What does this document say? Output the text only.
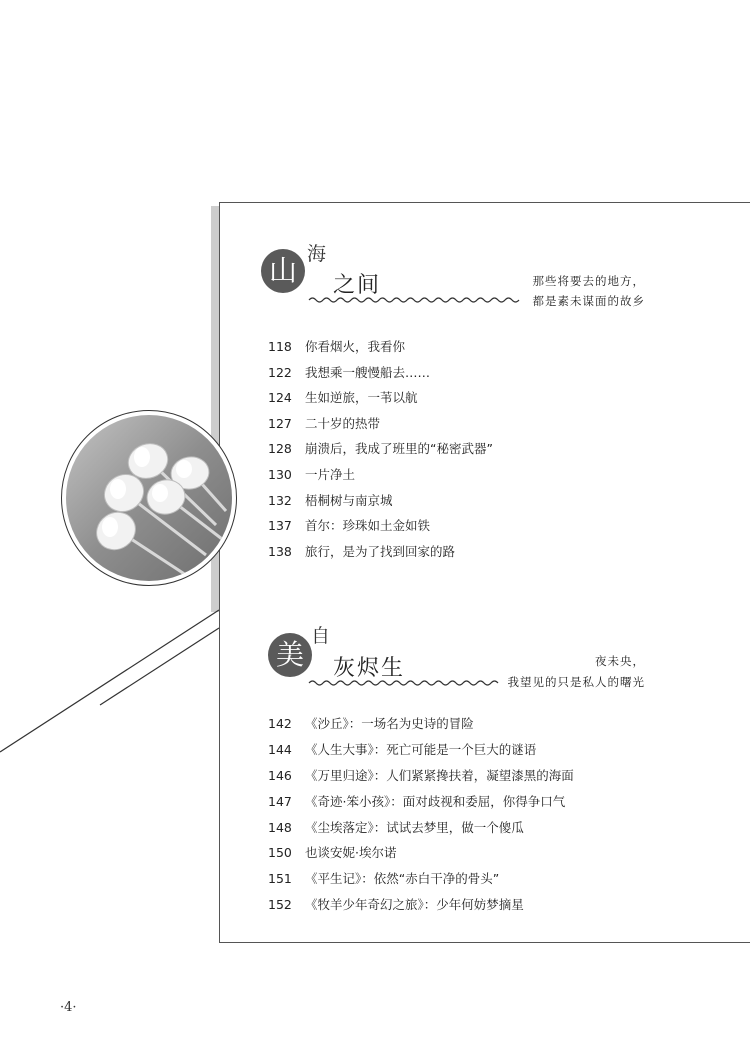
山 海
之间	那些将要去的地方，
都是素未谋面的故乡
118	你看烟火，我看你
122	我想乘一艘慢船去……
124	生如逆旅，一苇以航
127	二十岁的热带
128	崩溃后，我成了班里的“秘密武器”
130	一片净土
132	梧桐树与南京城
137	首尔：珍珠如土金如铁
138	旅行，是为了找到回家的路
美
自
灰烬生	夜未央，
我望见的只是私人的曙光
142	《沙丘》：一场名为史诗的冒险
144	《人生大事》：死亡可能是一个巨大的谜语
146	《万里归途》：人们紧紧搀扶着，凝望漆黑的海面
147	《奇迹·笨小孩》：面对歧视和委屈，你得争口气
148	《尘埃落定》：试试去梦里，做一个傻瓜
150	也谈安妮·埃尔诺
151	《平生记》：依然“赤白干净的骨头”
152	《牧羊少年奇幻之旅》：少年何妨梦摘星
·4·
